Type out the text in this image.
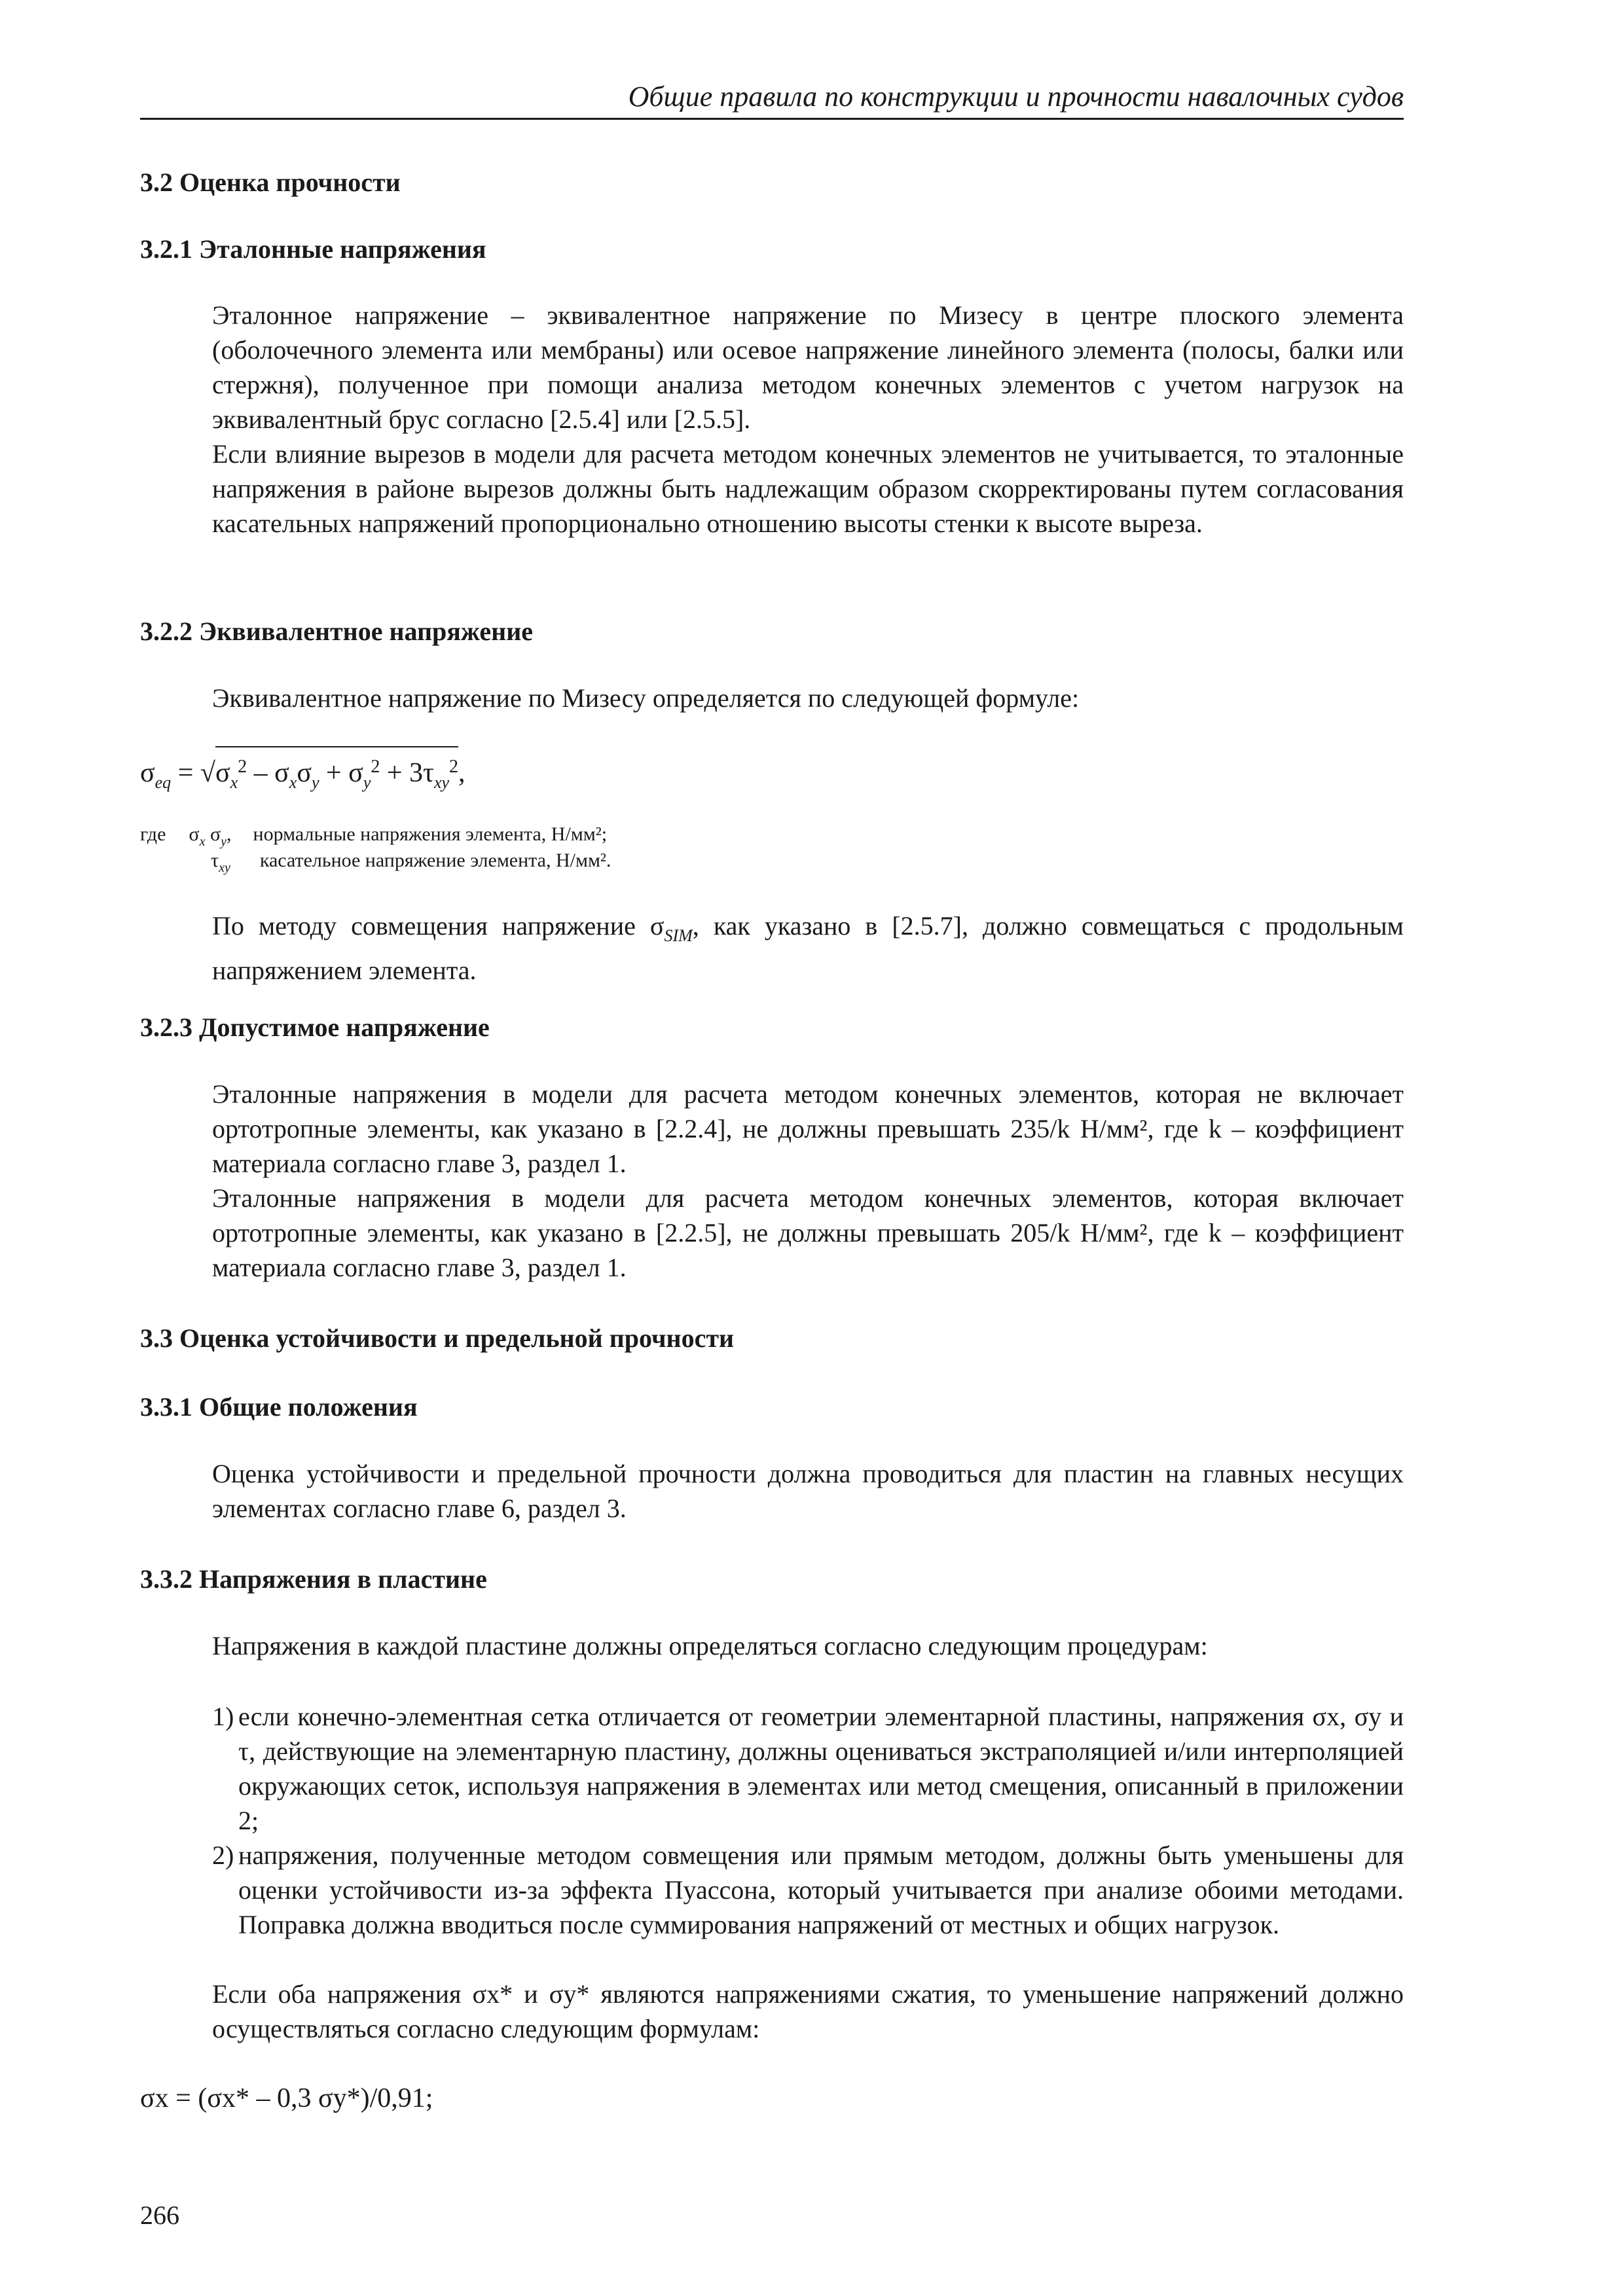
Общие правила по конструкции и прочности навалочных судов
3.2 Оценка прочности
3.2.1 Эталонные напряжения

Эталонное напряжение – эквивалентное напряжение по Мизесу в центре плоского элемента (оболочечного элемента или мембраны) или осевое напряжение линейного элемента (полосы, балки или стержня), полученное при помощи анализа методом конечных элементов с учетом нагрузок на эквивалентный брус согласно [2.5.4] или [2.5.5].

Если влияние вырезов в модели для расчета методом конечных элементов не учитывается, то эталонные напряжения в районе вырезов должны быть надлежащим образом скорректированы путем согласования касательных напряжений пропорционально отношению высоты стенки к высоте выреза.

3.2.2 Эквивалентное напряжение

Эквивалентное напряжение по Мизесу определяется по следующей формуле:

$\sigma_{eq} = √\sigma_x^2 - \sigma_x\sigma_y + \sigma_y^2 + 3\tau_{xy}^2$,
где $\sigma_x$ $\sigma_y$, нормальные напряжения элемента, Н/мм²;
$\tau_{xy}$ касательное напряжение элемента, Н/мм².

По методу совмещения напряжение $\sigma_{SIM}$, как указано в [2.5.7], должно совмещаться с продольным напряжением элемента.

3.2.3 Допустимое напряжение

Эталонные напряжения в модели для расчета методом конечных элементов, которая не включает ортотропные элементы, как указано в [2.2.4], не должны превышать 235/k Н/мм², где k – коэффициент материала согласно главе 3, раздел 1.

Эталонные напряжения в модели для расчета методом конечных элементов, которая включает ортотропные элементы, как указано в [2.2.5], не должны превышать 205/k Н/мм², где k – коэффициент материала согласно главе 3, раздел 1.

3.3 Оценка устойчивости и предельной прочности
3.3.1 Общие положения

Оценка устойчивости и предельной прочности должна проводиться для пластин на главных несущих элементах согласно главе 6, раздел 3.

3.3.2 Напряжения в пластине

Напряжения в каждой пластине должны определяться согласно следующим процедурам:

1) если конечно-элементная сетка отличается от геометрии элементарной пластины, напряжения σx, σy и τ, действующие на элементарную пластину, должны оцениваться экстраполяцией и/или интерполяцией окружающих сеток, используя напряжения в элементах или метод смещения, описанный в приложении 2;
2) напряжения, полученные методом совмещения или прямым методом, должны быть уменьшены для оценки устойчивости из-за эффекта Пуассона, который учитывается при анализе обоими методами. Поправка должна вводиться после суммирования напряжений от местных и общих нагрузок.

Если оба напряжения σx* и σy* являются напряжениями сжатия, то уменьшение напряжений должно осуществляться согласно следующим формулам:

σx = (σx* – 0,3 σy*)/0,91;
266
